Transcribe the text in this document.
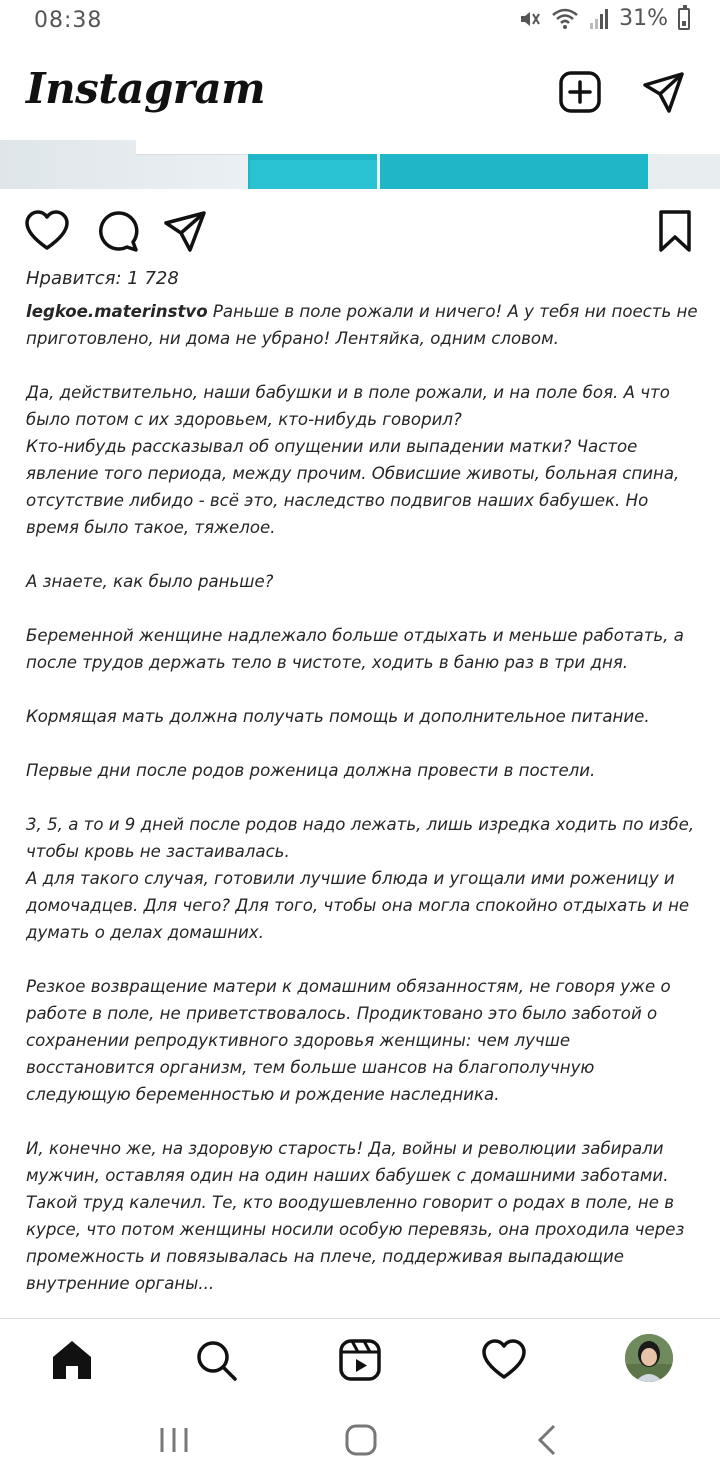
08:38	31%
Instagram
Нравится: 1 728

legkoe.materinstvo Раньше в поле рожали и ничего! А у тебя ни поесть не приготовлено, ни дома не убрано! Лентяйка, одним словом.

Да, действительно, наши бабушки и в поле рожали, и на поле боя. А что было потом с их здоровьем, кто-нибудь говорил?
Кто-нибудь рассказывал об опущении или выпадении матки? Частое явление того периода, между прочим. Обвисшие животы, больная спина, отсутствие либидо - всё это, наследство подвигов наших бабушек. Но время было такое, тяжелое.

А знаете, как было раньше?

Беременной женщине надлежало больше отдыхать и меньше работать, а после трудов держать тело в чистоте, ходить в баню раз в три дня.

Кормящая мать должна получать помощь и дополнительное питание.

Первые дни после родов роженица должна провести в постели.

3, 5, а то и 9 дней после родов надо лежать, лишь изредка ходить по избе, чтобы кровь не застаивалась.
А для такого случая, готовили лучшие блюда и угощали ими роженицу и домочадцев. Для чего? Для того, чтобы она могла спокойно отдыхать и не думать о делах домашних.

Резкое возвращение матери к домашним обязанностям, не говоря уже о работе в поле, не приветствовалось. Продиктовано это было заботой о сохранении репродуктивного здоровья женщины: чем лучше восстановится организм, тем больше шансов на благополучную следующую беременностью и рождение наследника.

И, конечно же, на здоровую старость! Да, войны и революции забирали мужчин, оставляя один на один наших бабушек с домашними заботами. Такой труд калечил. Те, кто воодушевленно говорит о родах в поле, не в курсе, что потом женщины носили особую перевязь, она проходила через промежность и повязывалась на плече, поддерживая выпадающие внутренние органы...
